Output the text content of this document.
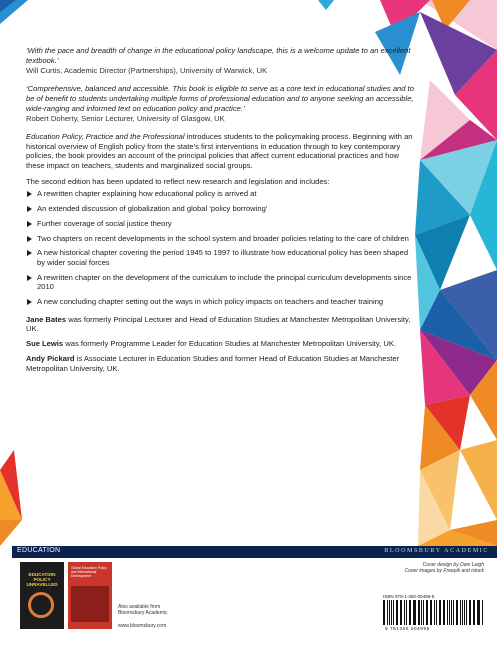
‘With the pace and breadth of change in the educational policy landscape, this is a welcome update to an excellent textbook.’

Will Curtis, Academic Director (Partnerships), University of Warwick, UK

‘Comprehensive, balanced and accessible. This book is eligible to serve as a core text in educational studies and to be of benefit to students undertaking multiple forms of professional education and to anyone seeking an accessible, wide-ranging and informed text on education policy and practice.’

Robert Doherty, Senior Lecturer, University of Glasgow, UK

Education Policy, Practice and the Professional introduces students to the policymaking process. Beginning with an historical overview of English policy from the state’s first interventions in education through to key contemporary policies, the book provides an account of the principal policies that affect current educational practices and how these impact on teachers, students and marginalized social groups.

The second edition has been updated to reflect new research and legislation and includes:

A rewritten chapter explaining how educational policy is arrived at
An extended discussion of globalization and global ‘policy borrowing’
Further coverage of social justice theory
Two chapters on recent developments in the school system and broader policies relating to the care of children
A new historical chapter covering the period 1945 to 1997 to illustrate how educational policy has been shaped by wider social forces
A rewritten chapter on the development of the curriculum to include the principal curriculum developments since 2010
A new concluding chapter setting out the ways in which policy impacts on teachers and teacher training

Jane Bates was formerly Principal Lecturer and Head of Education Studies at Manchester Metropolitan University, UK.

Sue Lewis was formerly Programme Leader for Education Studies at Manchester Metropolitan University, UK.

Andy Pickard is Associate Lecturer in Education Studies and former Head of Education Studies at Manchester Metropolitan University, UK.

EDUCATION	BLOOMSBURY ACADEMIC
EDUCATION POLICY UNRAVELLED
Global Education Policy and International Development
Also available from
Bloomsbury Academic
www.bloomsbury.com
Cover design by Dani Leigh
Cover images by Freepik and istock
ISBN 978-1-350-00499-5
9 781350 004995
